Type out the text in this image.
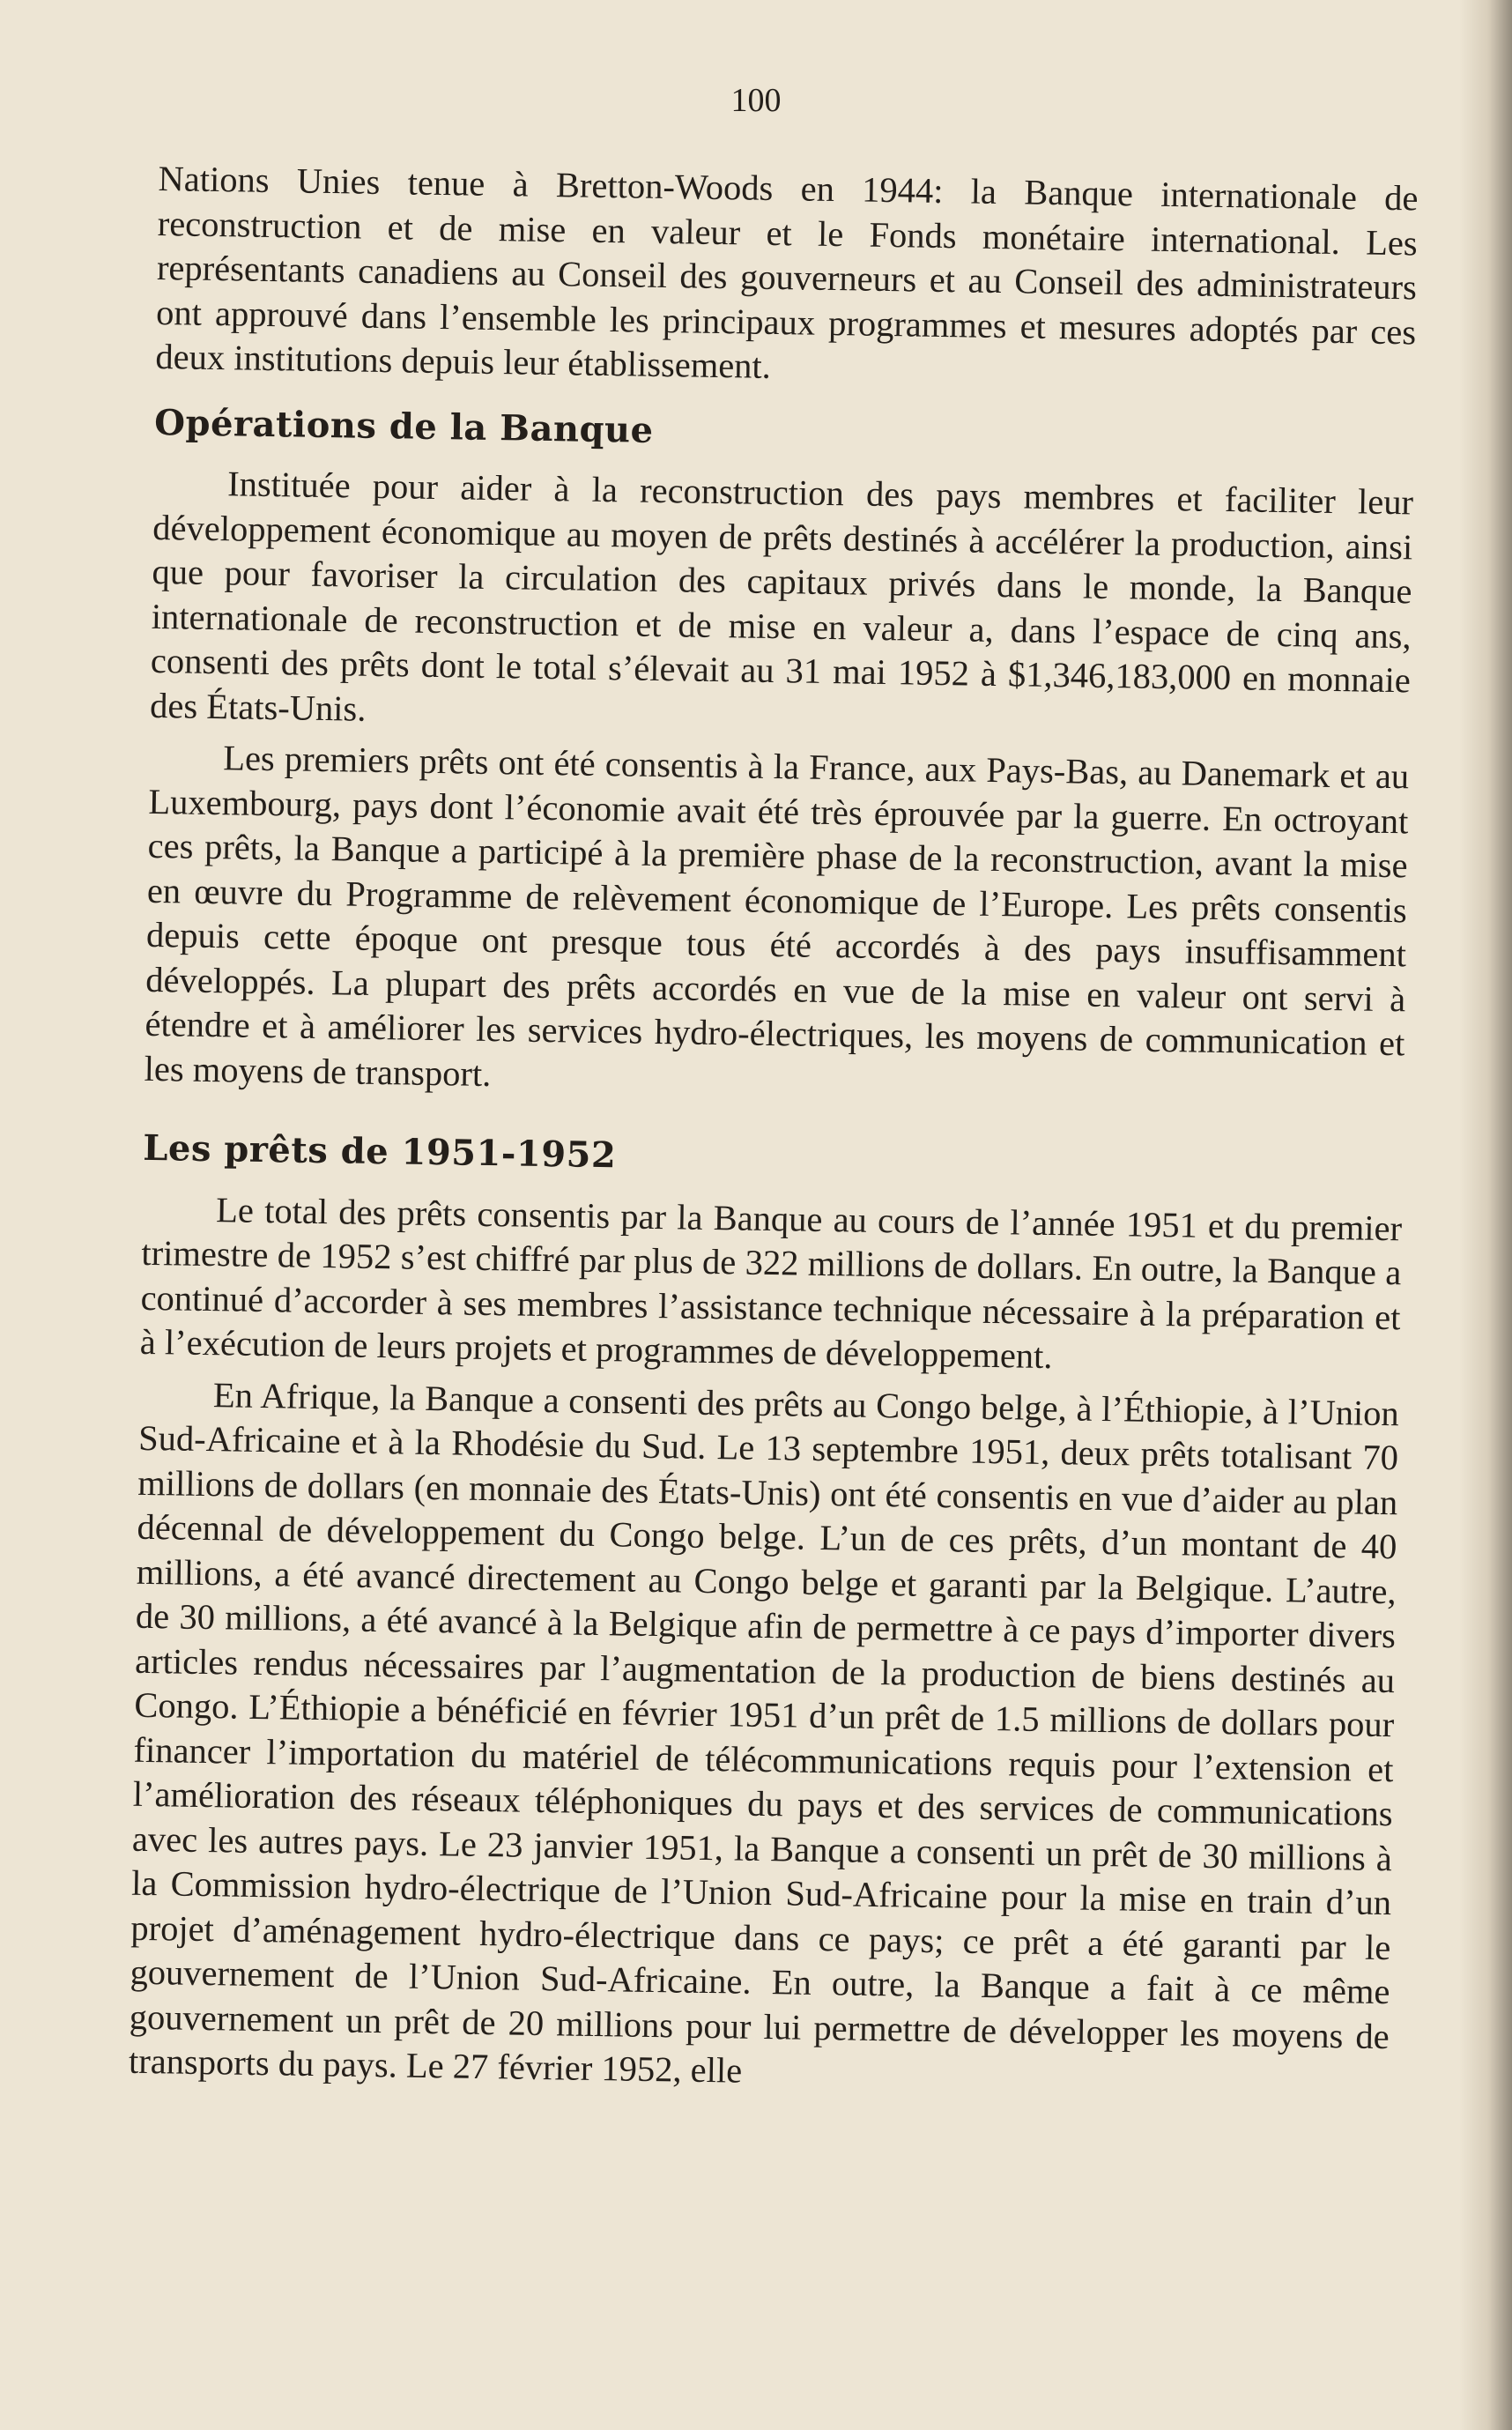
100

Nations Unies tenue à Bretton-Woods en 1944: la Banque internationale de reconstruction et de mise en valeur et le Fonds monétaire international. Les représentants canadiens au Conseil des gouverneurs et au Conseil des administrateurs ont approuvé dans l’ensemble les principaux programmes et mesures adoptés par ces deux institutions depuis leur établissement.

Opérations de la Banque

Instituée pour aider à la reconstruction des pays membres et faciliter leur développement économique au moyen de prêts destinés à accélérer la production, ainsi que pour favoriser la circulation des capitaux privés dans le monde, la Banque internationale de reconstruction et de mise en valeur a, dans l’espace de cinq ans, consenti des prêts dont le total s’élevait au 31 mai 1952 à $1,346,183,000 en monnaie des États-Unis.

Les premiers prêts ont été consentis à la France, aux Pays-Bas, au Danemark et au Luxembourg, pays dont l’économie avait été très éprouvée par la guerre. En octroyant ces prêts, la Banque a participé à la première phase de la reconstruction, avant la mise en œuvre du Programme de relèvement économique de l’Europe. Les prêts consentis depuis cette époque ont presque tous été accordés à des pays insuffisamment développés. La plupart des prêts accordés en vue de la mise en valeur ont servi à étendre et à améliorer les services hydro-électriques, les moyens de communication et les moyens de transport.

Les prêts de 1951-1952

Le total des prêts consentis par la Banque au cours de l’année 1951 et du premier trimestre de 1952 s’est chiffré par plus de 322 millions de dollars. En outre, la Banque a continué d’accorder à ses membres l’assistance technique nécessaire à la préparation et à l’exécution de leurs projets et programmes de développement.

En Afrique, la Banque a consenti des prêts au Congo belge, à l’Éthiopie, à l’Union Sud-Africaine et à la Rhodésie du Sud. Le 13 septembre 1951, deux prêts totalisant 70 millions de dollars (en monnaie des États-Unis) ont été consentis en vue d’aider au plan décennal de développement du Congo belge. L’un de ces prêts, d’un montant de 40 millions, a été avancé directement au Congo belge et garanti par la Belgique. L’autre, de 30 millions, a été avancé à la Belgique afin de permettre à ce pays d’importer divers articles rendus nécessaires par l’augmentation de la production de biens destinés au Congo. L’Éthiopie a bénéficié en février 1951 d’un prêt de 1.5 millions de dollars pour financer l’importation du matériel de télécommunications requis pour l’extension et l’amélioration des réseaux téléphoniques du pays et des services de communications avec les autres pays. Le 23 janvier 1951, la Banque a consenti un prêt de 30 millions à la Commission hydro-électrique de l’Union Sud-Africaine pour la mise en train d’un projet d’aménagement hydro-électrique dans ce pays; ce prêt a été garanti par le gouvernement de l’Union Sud-Africaine. En outre, la Banque a fait à ce même gouvernement un prêt de 20 millions pour lui permettre de développer les moyens de transports du pays. Le 27 février 1952, elle
